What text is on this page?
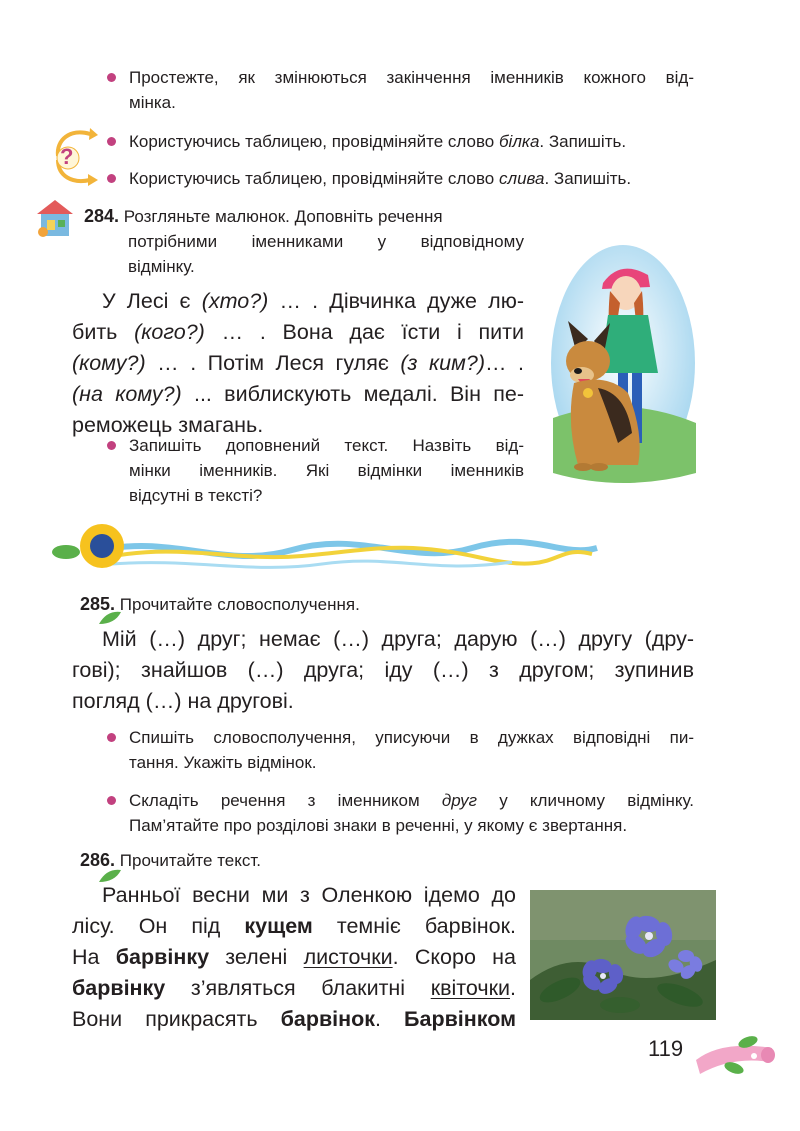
Простежте, як змінюються закінчення іменників кожного від-
мінка.
?
Користуючись таблицею, провідміняйте слово білка. Запишіть.
Користуючись таблицею, провідміняйте слово слива. Запишіть.
284. Розгляньте малюнок. Доповніть речення
потрібними іменниками у відповідному
відмінку.
У Лесі є (хто?) … . Дівчинка дуже лю-
бить (кого?) … . Вона дає їсти і пити
(кому?) … . Потім Леся гуляє (з ким?)… .
(на кому?) ... виблискують медалі. Він пе-
реможець змагань.
Запишіть доповнений текст. Назвіть від-
мінки іменників. Які відмінки іменників
відсутні в тексті?
285. Прочитайте словосполучення.
Мій (…) друг; немає (…) друга; дарую (…) другу (дру-
гові); знайшов (…) друга; іду (…) з другом; зупинив
погляд (…) на другові.
Спишіть словосполучення, уписуючи в дужках відповідні пи-
тання. Укажіть відмінок.
Складіть речення з іменником друг у кличному відмінку.
Пам’ятайте про розділові знаки в реченні, у якому є звертання.
286. Прочитайте текст.
Ранньої весни ми з Оленкою ідемо до
лісу. Он під кущем темніє барвінок.
На барвінку зелені листочки. Скоро на
барвінку з’являться блакитні квіточки.
Вони прикрасять барвінок. Барвінком
119
